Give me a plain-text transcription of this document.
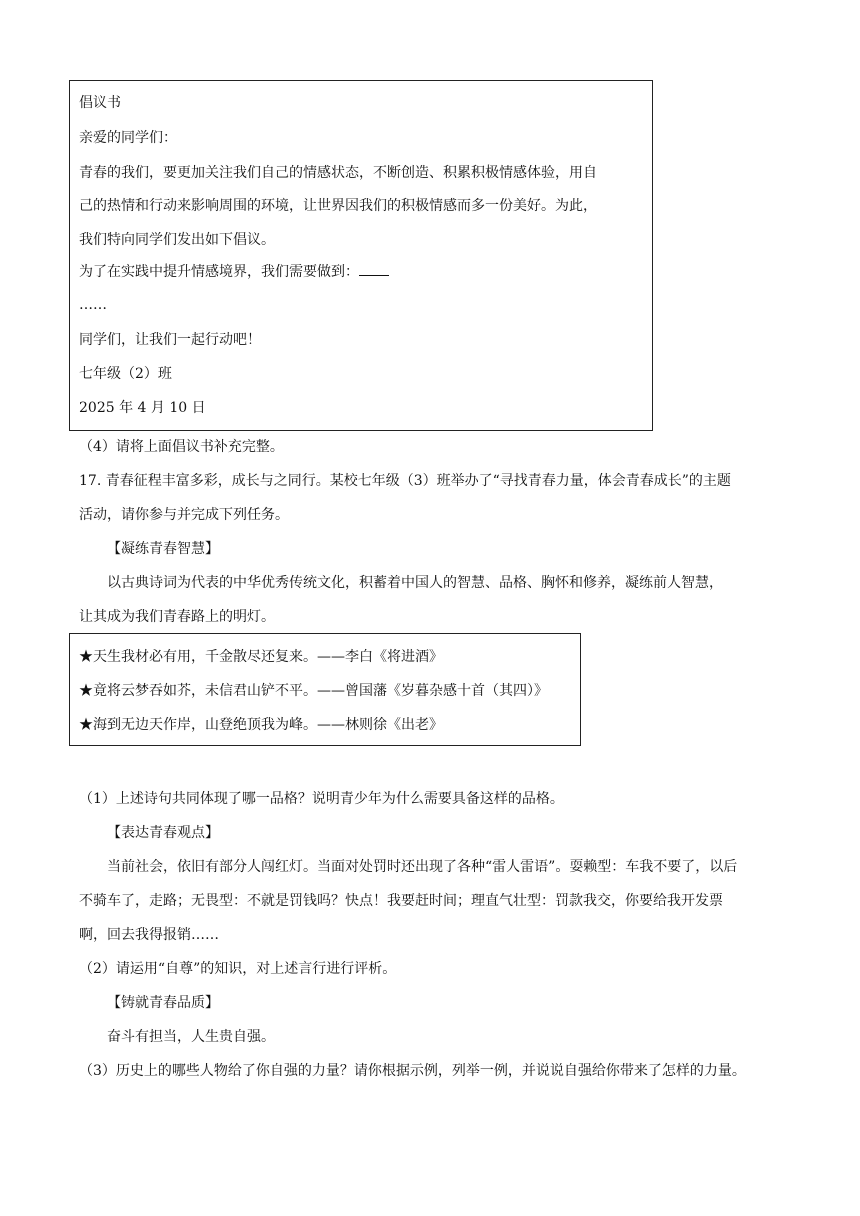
倡议书
亲爱的同学们：
青春的我们，要更加关注我们自己的情感状态，不断创造、积累积极情感体验，用自
己的热情和行动来影响周围的环境，让世界因我们的积极情感而多一份美好。为此，
我们特向同学们发出如下倡议。
为了在实践中提升情感境界，我们需要做到：
……
同学们，让我们一起行动吧！
七年级（2）班
2025 年 4 月 10 日
（4）请将上面倡议书补充完整。
17. 青春征程丰富多彩，成长与之同行。某校七年级（3）班举办了“寻找青春力量，体会青春成长”的主题
活动，请你参与并完成下列任务。
【凝练青春智慧】
以古典诗词为代表的中华优秀传统文化，积蓄着中国人的智慧、品格、胸怀和修养，凝练前人智慧，
让其成为我们青春路上的明灯。
★天生我材必有用，千金散尽还复来。——李白《将进酒》
★竟将云梦吞如芥，未信君山铲不平。——曾国藩《岁暮杂感十首（其四）》
★海到无边天作岸，山登绝顶我为峰。——林则徐《出老》
（1）上述诗句共同体现了哪一品格？说明青少年为什么需要具备这样的品格。
【表达青春观点】
当前社会，依旧有部分人闯红灯。当面对处罚时还出现了各种“雷人雷语”。耍赖型：车我不要了，以后
不骑车了，走路；无畏型：不就是罚钱吗？快点！我要赶时间；理直气壮型：罚款我交，你要给我开发票
啊，回去我得报销……
（2）请运用“自尊”的知识，对上述言行进行评析。
【铸就青春品质】
奋斗有担当，人生贵自强。
（3）历史上的哪些人物给了你自强的力量？请你根据示例，列举一例，并说说自强给你带来了怎样的力量。
